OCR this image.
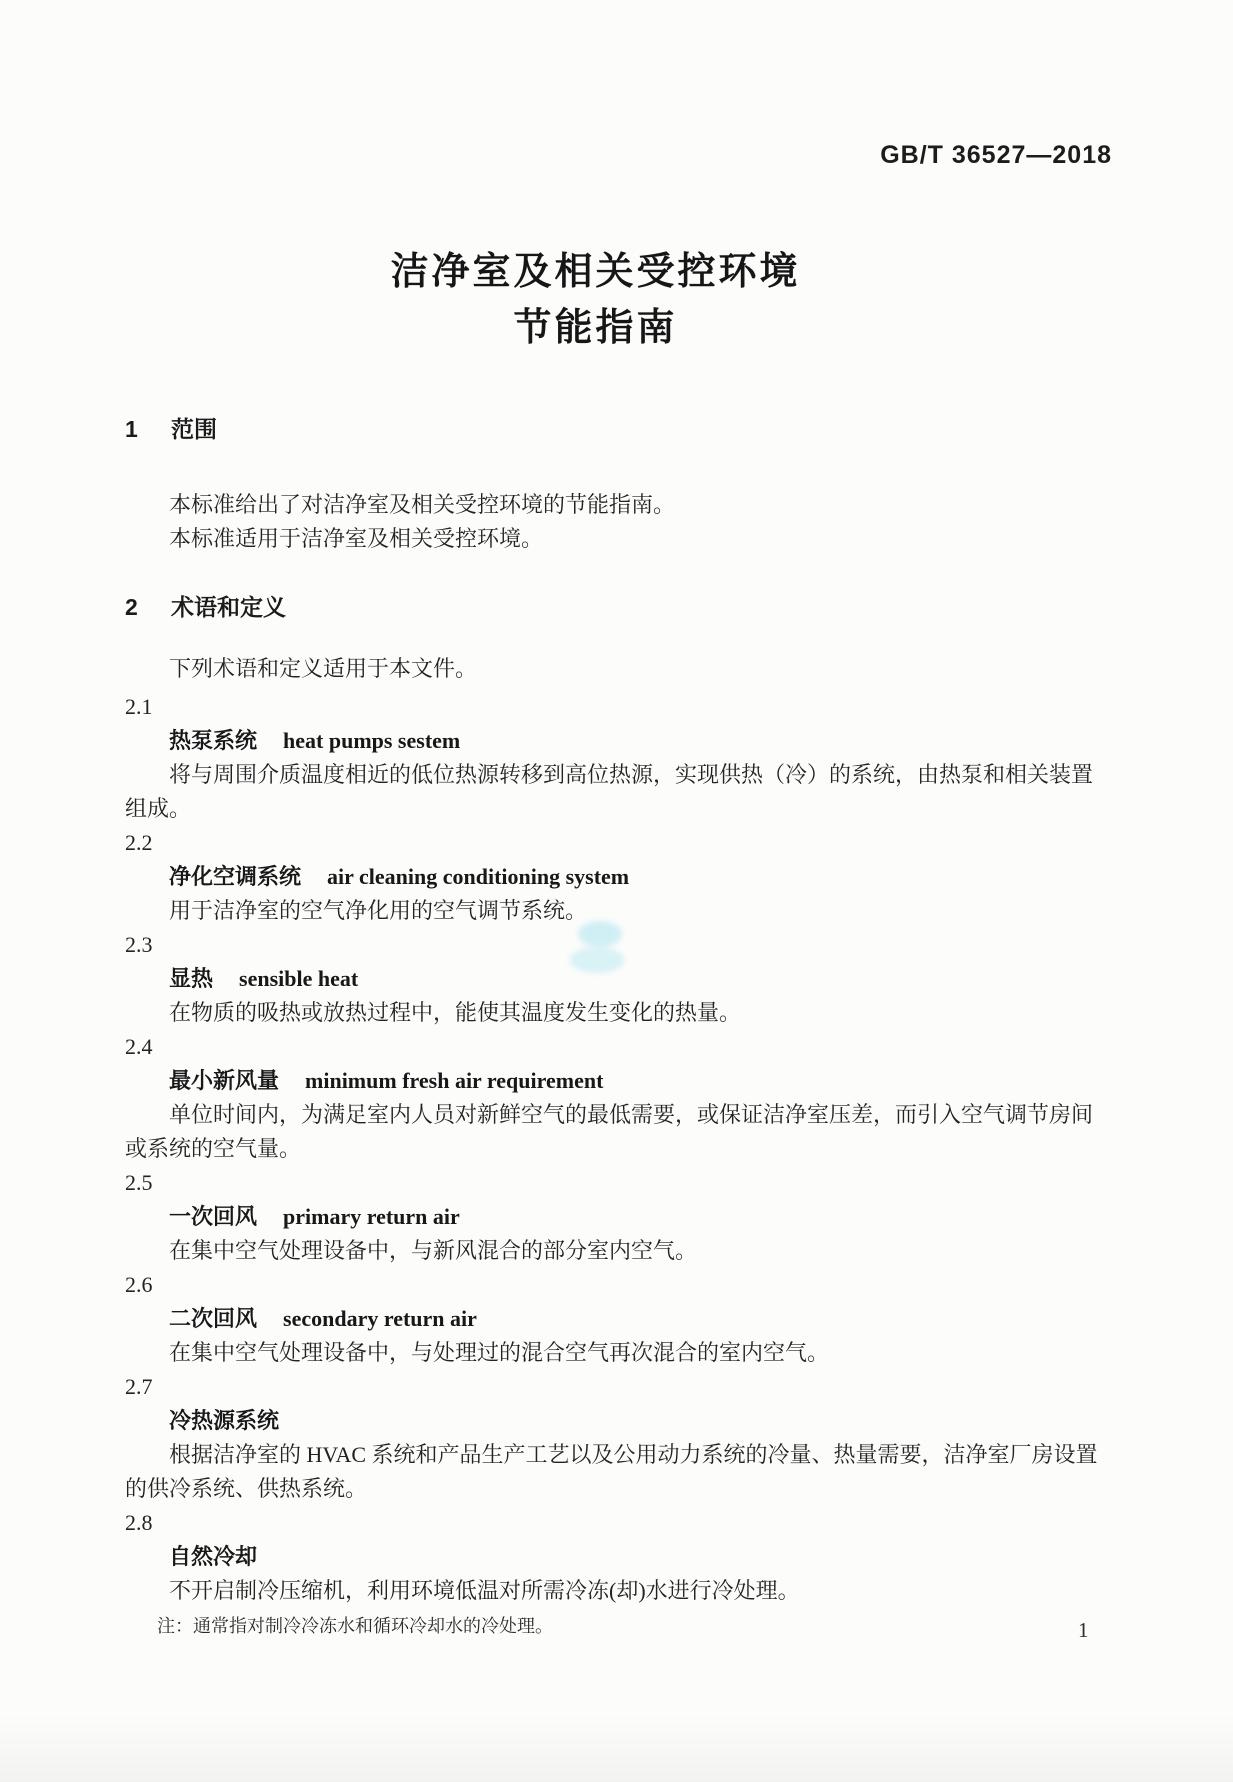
GB/T 36527—2018
洁净室及相关受控环境
节能指南
1 范围

本标准给出了对洁净室及相关受控环境的节能指南。

本标准适用于洁净室及相关受控环境。

2 术语和定义

下列术语和定义适用于本文件。

2.1
热泵系统 heat pumps sestem

将与周围介质温度相近的低位热源转移到高位热源，实现供热（冷）的系统，由热泵和相关装置组成。

2.2
净化空调系统 air cleaning conditioning system

用于洁净室的空气净化用的空气调节系统。

2.3
显热 sensible heat

在物质的吸热或放热过程中，能使其温度发生变化的热量。

2.4
最小新风量 minimum fresh air requirement

单位时间内，为满足室内人员对新鲜空气的最低需要，或保证洁净室压差，而引入空气调节房间或系统的空气量。

2.5
一次回风 primary return air

在集中空气处理设备中，与新风混合的部分室内空气。

2.6
二次回风 secondary return air

在集中空气处理设备中，与处理过的混合空气再次混合的室内空气。

2.7
冷热源系统

根据洁净室的 HVAC 系统和产品生产工艺以及公用动力系统的冷量、热量需要，洁净室厂房设置的供冷系统、供热系统。

2.8
自然冷却

不开启制冷压缩机，利用环境低温对所需冷冻(却)水进行冷处理。

注：通常指对制冷冷冻水和循环冷却水的冷处理。	1
